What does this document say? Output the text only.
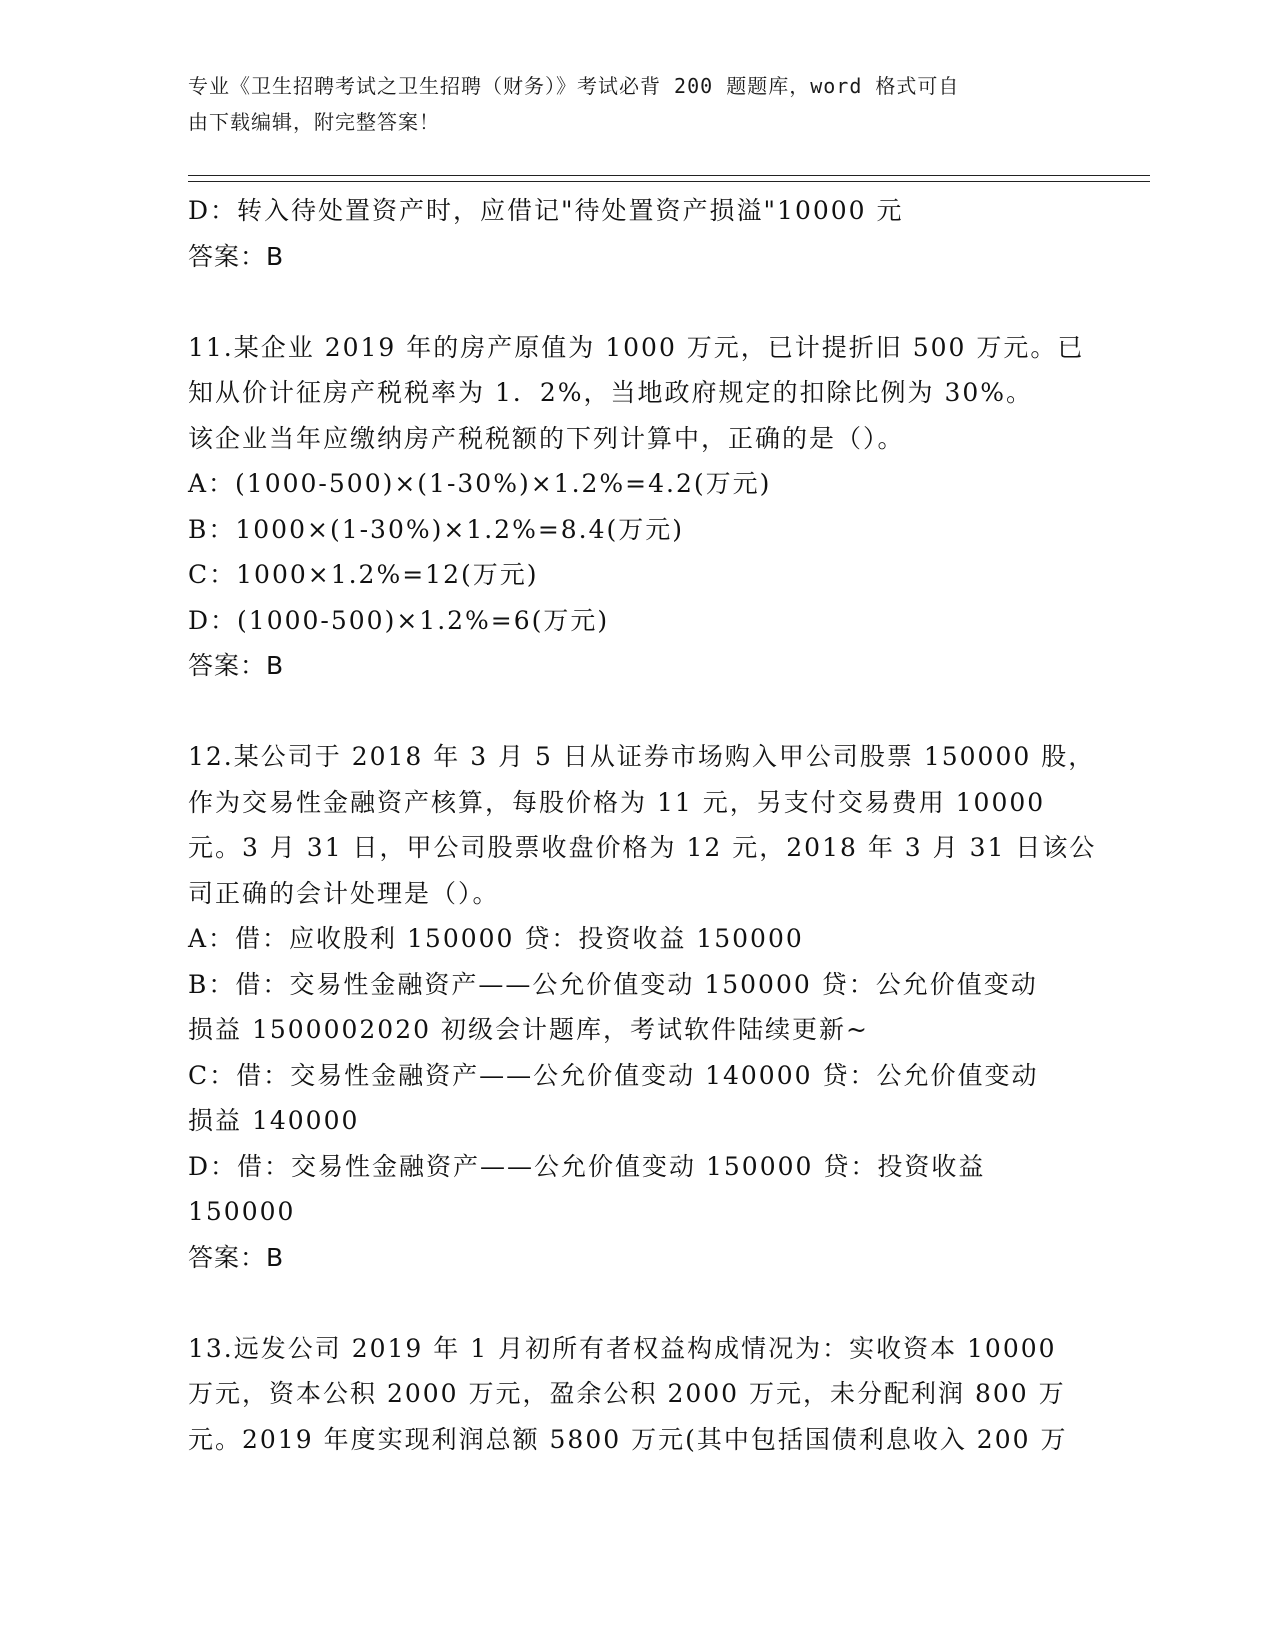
专业《卫生招聘考试之卫生招聘（财务）》考试必背 200 题题库，word 格式可自
由下载编辑，附完整答案！
D：转入待处置资产时，应借记"待处置资产损溢"10000 元
答案：B
11.某企业 2019 年的房产原值为 1000 万元，已计提折旧 500 万元。已
知从价计征房产税税率为 1．2%，当地政府规定的扣除比例为 30%。
该企业当年应缴纳房产税税额的下列计算中，正确的是（）。
A：(1000-500)×(1-30%)×1.2%=4.2(万元)
B：1000×(1-30%)×1.2%=8.4(万元)
C：1000×1.2%=12(万元)
D：(1000-500)×1.2%=6(万元)
答案：B
12.某公司于 2018 年 3 月 5 日从证券市场购入甲公司股票 150000 股，
作为交易性金融资产核算，每股价格为 11 元，另支付交易费用 10000
元。3 月 31 日，甲公司股票收盘价格为 12 元，2018 年 3 月 31 日该公
司正确的会计处理是（）。
A：借：应收股利 150000 贷：投资收益 150000
B：借：交易性金融资产——公允价值变动 150000 贷：公允价值变动
损益 1500002020 初级会计题库，考试软件陆续更新~
C：借：交易性金融资产——公允价值变动 140000 贷：公允价值变动
损益 140000
D：借：交易性金融资产——公允价值变动 150000 贷：投资收益
150000
答案：B
13.远发公司 2019 年 1 月初所有者权益构成情况为：实收资本 10000
万元，资本公积 2000 万元，盈余公积 2000 万元，未分配利润 800 万
元。2019 年度实现利润总额 5800 万元(其中包括国债利息收入 200 万
